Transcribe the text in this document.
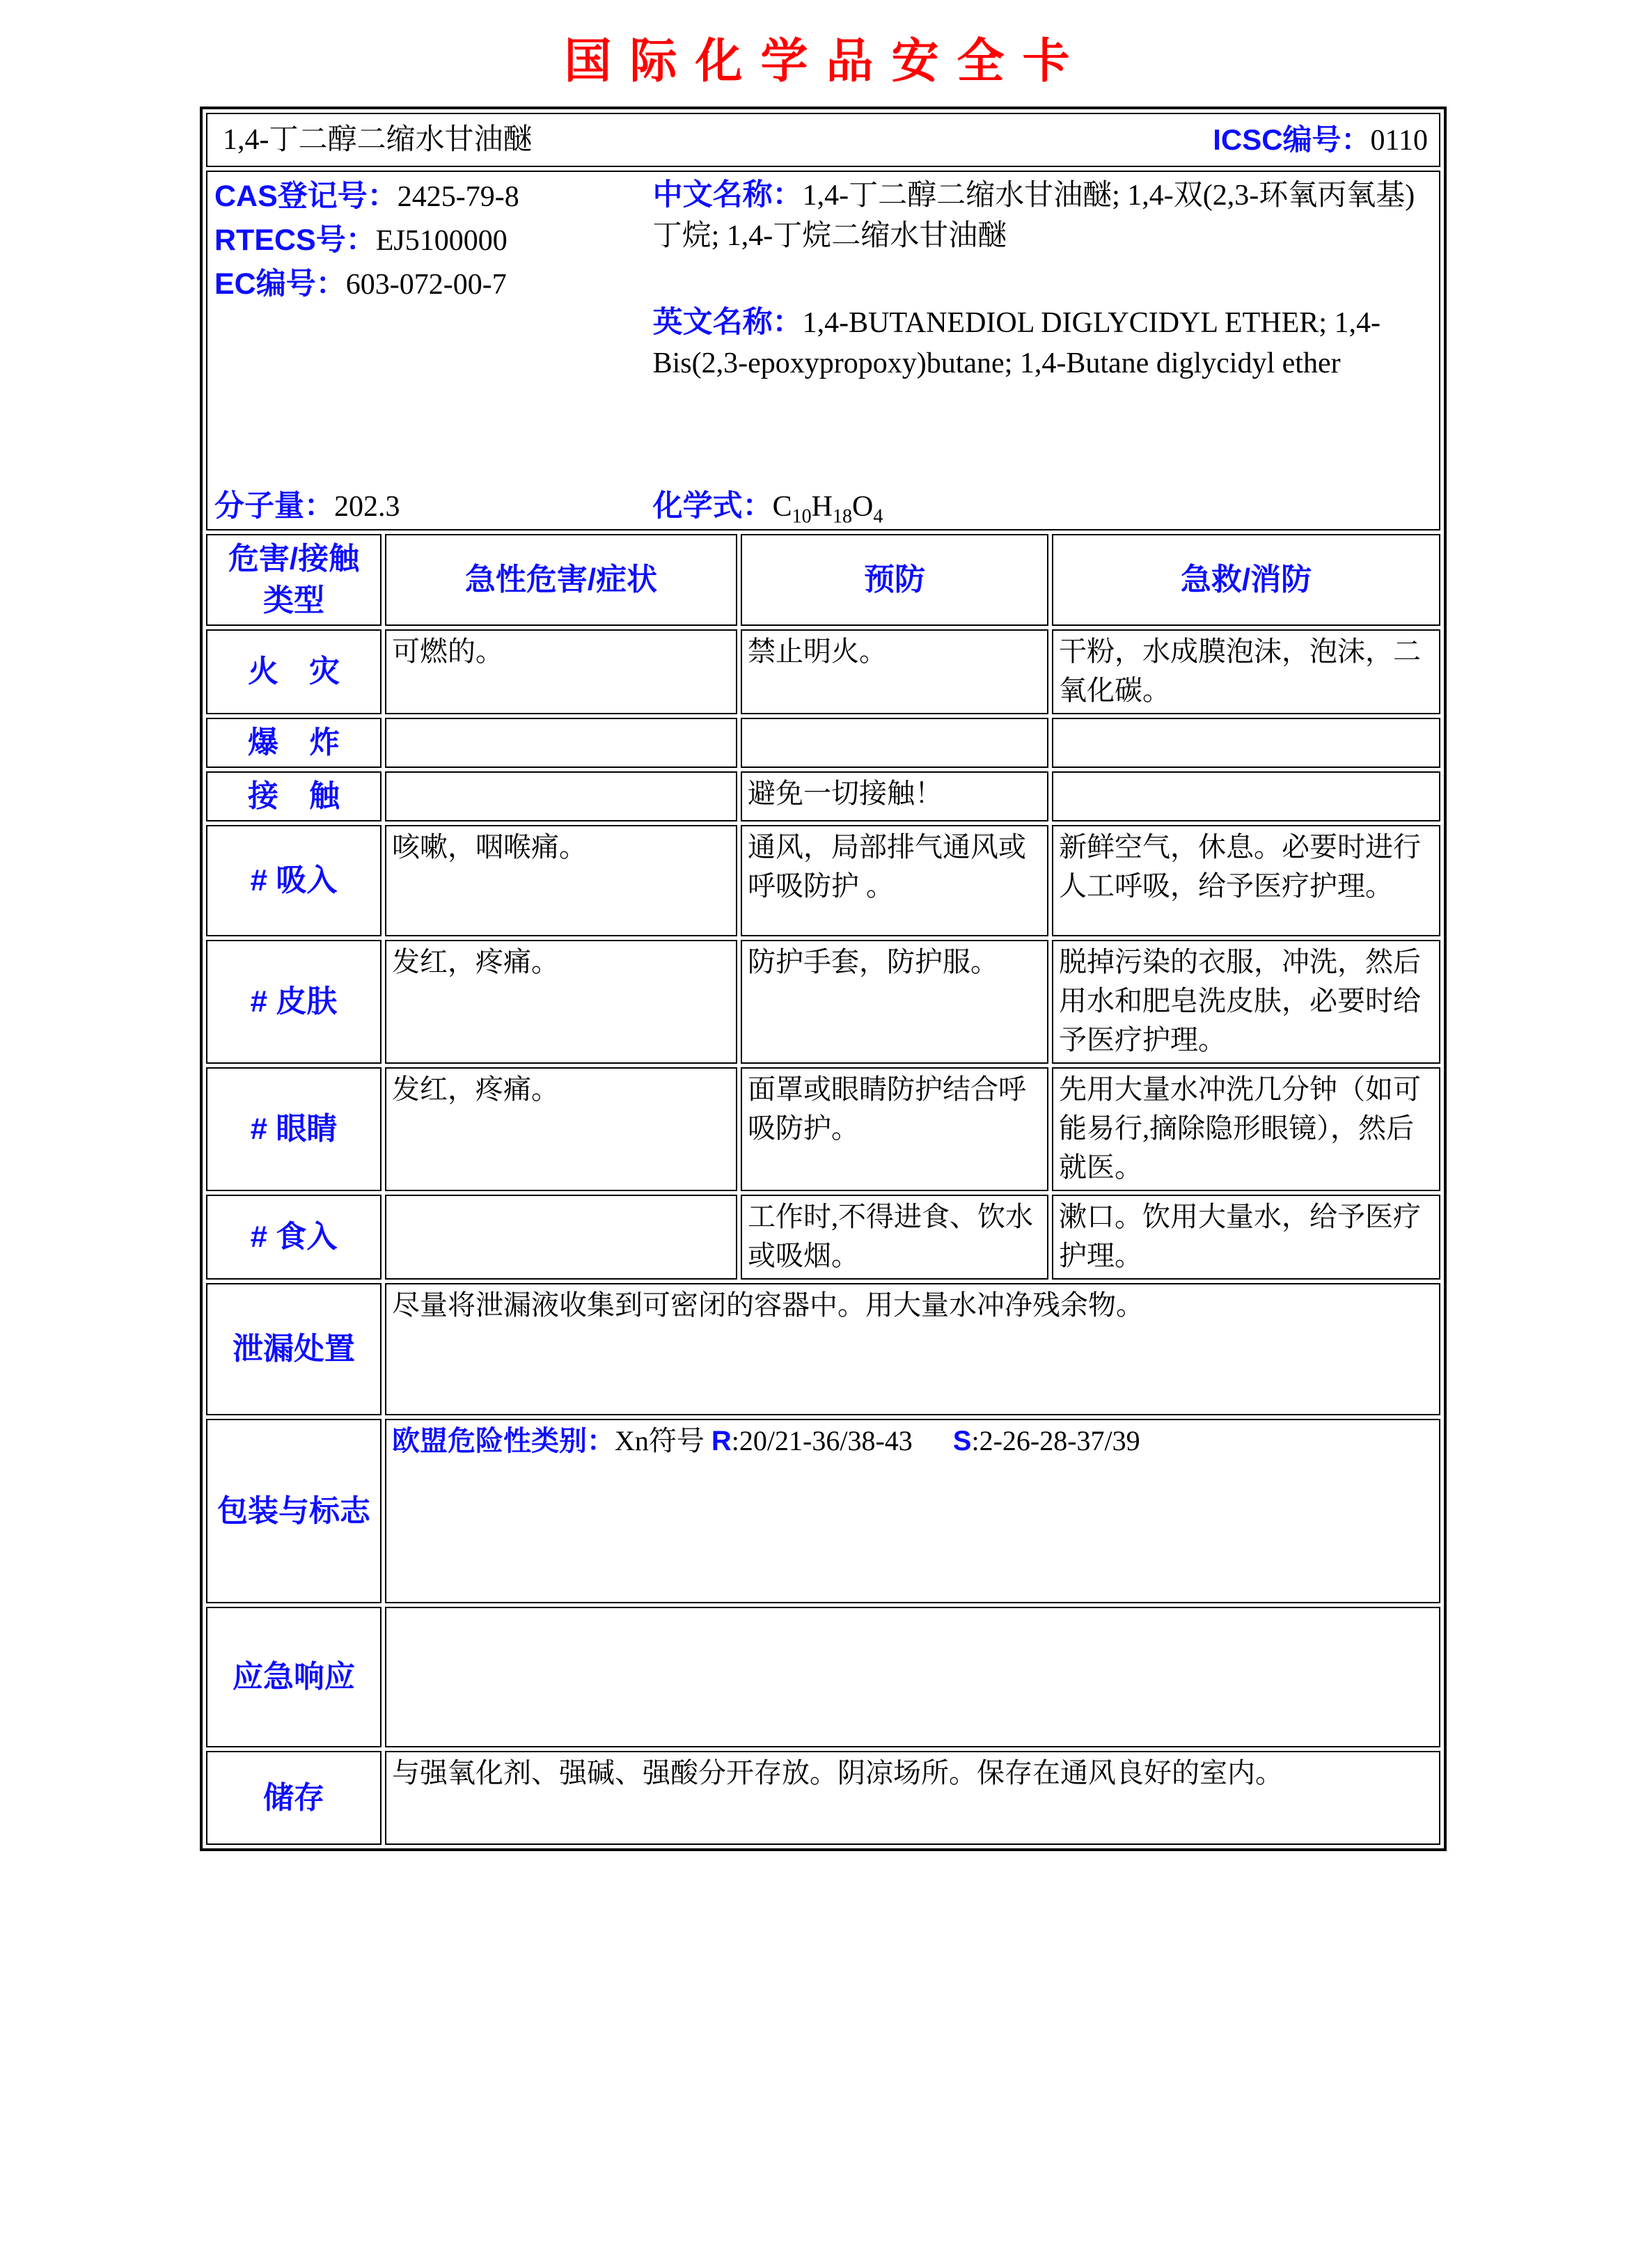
国际化学品安全卡
1,4-丁二醇二缩水甘油醚 ICSC编号：0110			

CAS登记号：2425-79-8
RTECS号：EJ5100000
EC编号：603-072-00-7
分子量：202.3
中文名称：1,4-丁二醇二缩水甘油醚; 1,4-双(2,3-环氧丙氧基)丁烷; 1,4-丁烷二缩水甘油醚
英文名称：1,4-BUTANEDIOL DIGLYCIDYL ETHER; 1,4-Bis(2,3-epoxypropoxy)butane; 1,4-Butane diglycidyl ether
化学式：$C_{10}H_{18}O_4$

危害/接触
类型	急性危害/症状	预防	急救/消防
火　灾	可燃的。	禁止明火。	干粉，水成膜泡沫，泡沫，二氧化碳。
爆　炸			
接　触		避免一切接触！	
# 吸入	咳嗽，咽喉痛。	通风，局部排气通风或呼吸防护 。	新鲜空气，休息。必要时进行人工呼吸，给予医疗护理。
# 皮肤	发红，疼痛。	防护手套，防护服。	脱掉污染的衣服，冲洗，然后用水和肥皂洗皮肤，必要时给予医疗护理。
# 眼睛	发红，疼痛。	面罩或眼睛防护结合呼吸防护。	先用大量水冲洗几分钟（如可能易行,摘除隐形眼镜），然后就医。
# 食入		工作时,不得进食、饮水或吸烟。	漱口。饮用大量水，给予医疗护理。
泄漏处置	尽量将泄漏液收集到可密闭的容器中。用大量水冲净残余物。		
包装与标志	欧盟危险性类别：Xn符号 R:20/21-36/38-43 S:2-26-28-37/39		

应急响应			
储存	与强氧化剂、强碱、强酸分开存放。阴凉场所。保存在通风良好的室内。		
